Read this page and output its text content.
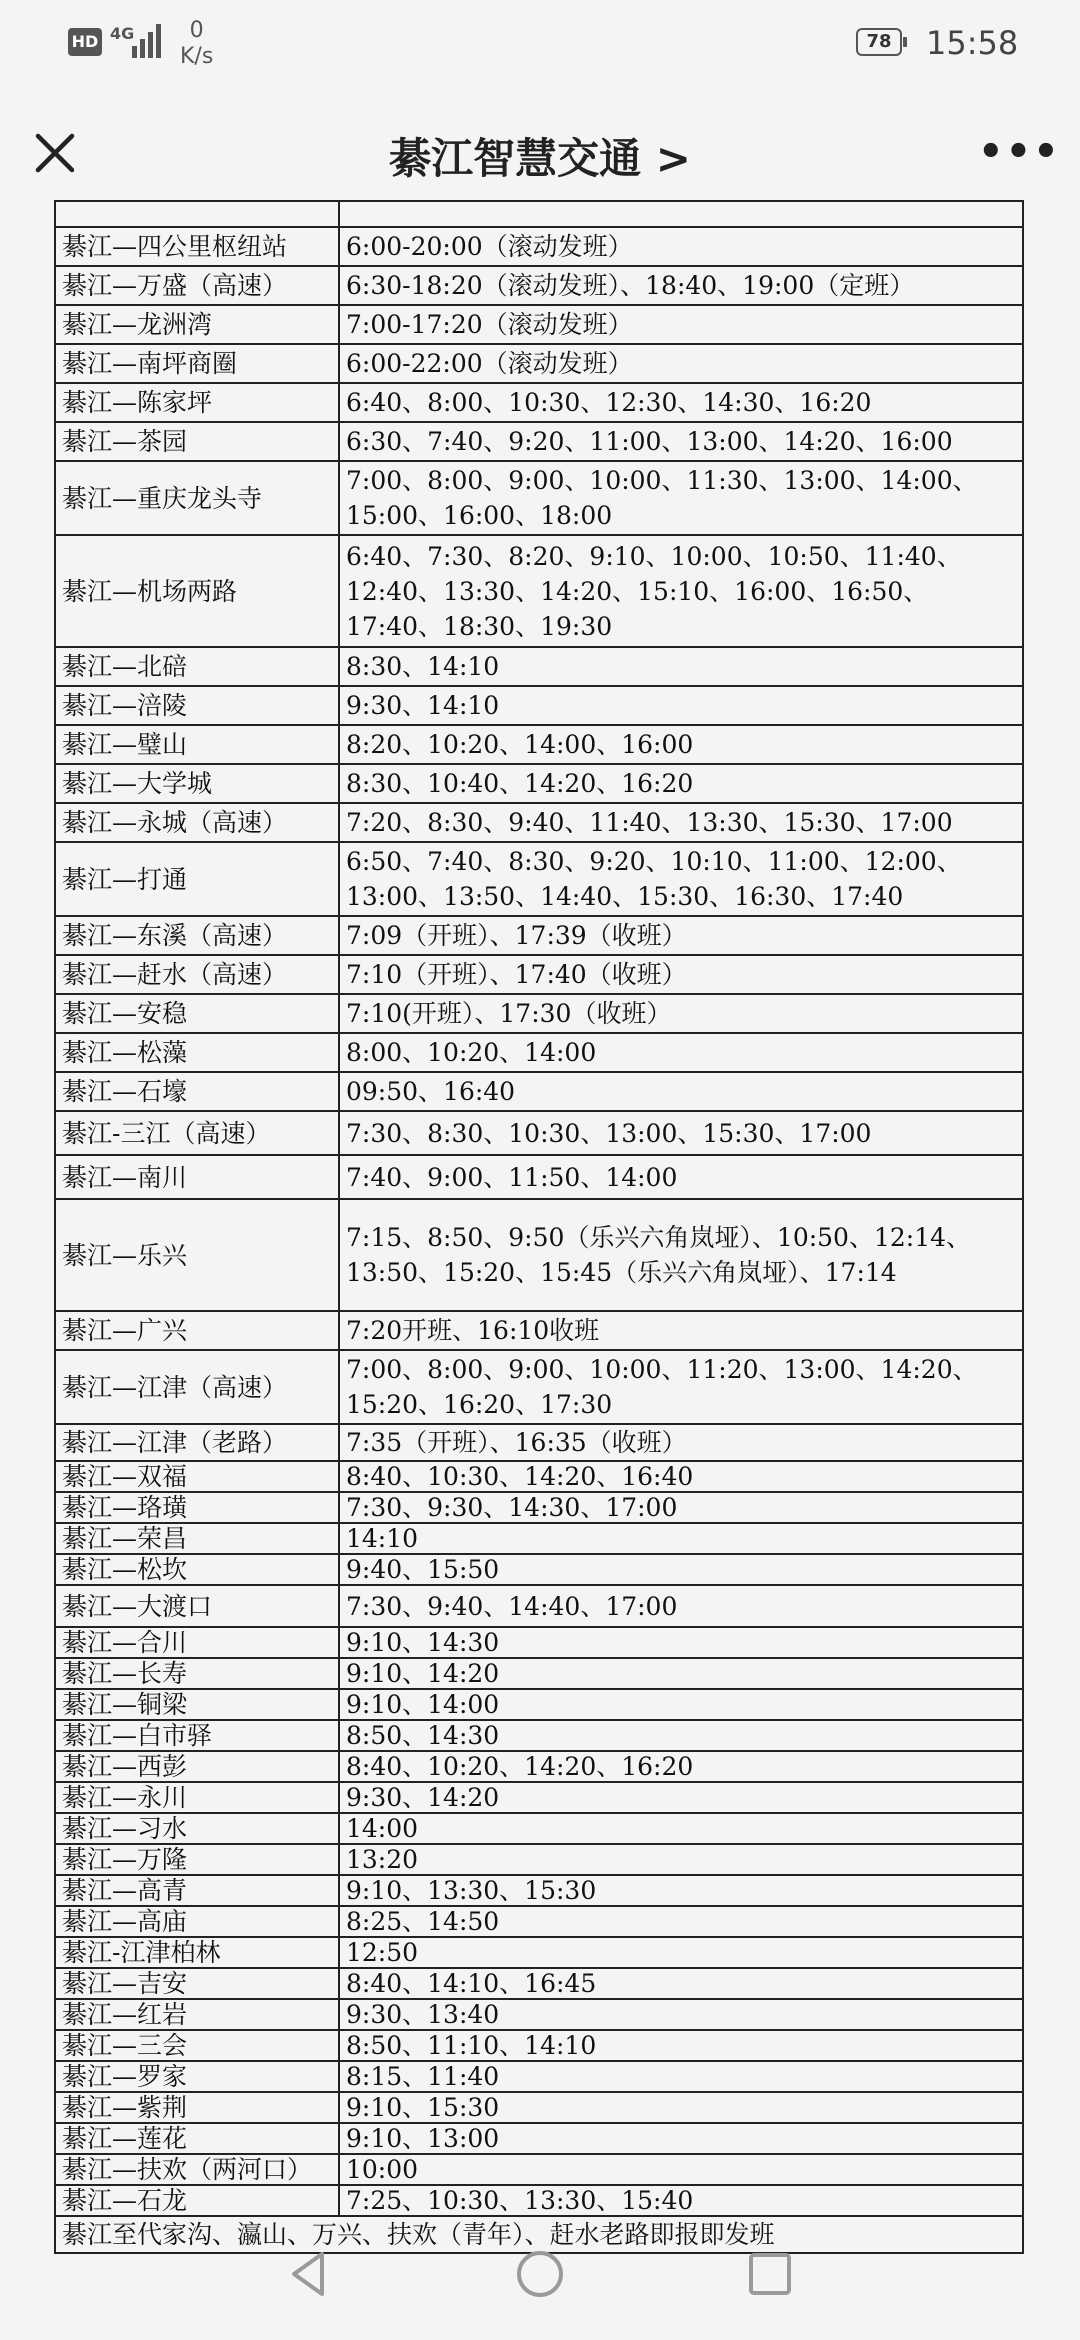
HD 4G	0
K/s
78	15:58
綦江智慧交通 >	•••

綦江—四公里枢纽站	6:00-20:00（滚动发班）
綦江—万盛（高速）	6:30-18:20（滚动发班）、18:40、19:00（定班）
綦江—龙洲湾	7:00-17:20（滚动发班）
綦江—南坪商圈	6:00-22:00（滚动发班）
綦江—陈家坪	6:40、8:00、10:30、12:30、14:30、16:20
綦江—茶园	6:30、7:40、9:20、11:00、13:00、14:20、16:00
綦江—重庆龙头寺	7:00、8:00、9:00、10:00、11:30、13:00、14:00、15:00、16:00、18:00
綦江—机场两路	6:40、7:30、8:20、9:10、10:00、10:50、11:40、12:40、13:30、14:20、15:10、16:00、16:50、17:40、18:30、19:30
綦江—北碚	8:30、14:10
綦江—涪陵	9:30、14:10
綦江—璧山	8:20、10:20、14:00、16:00
綦江—大学城	8:30、10:40、14:20、16:20
綦江—永城（高速）	7:20、8:30、9:40、11:40、13:30、15:30、17:00
綦江—打通	6:50、7:40、8:30、9:20、10:10、11:00、12:00、13:00、13:50、14:40、15:30、16:30、17:40
綦江—东溪（高速）	7:09（开班）、17:39（收班）
綦江—赶水（高速）	7:10（开班）、17:40（收班）
綦江—安稳	7:10(开班）、17:30（收班）
綦江—松藻	8:00、10:20、14:00
綦江—石壕	09:50、16:40
綦江-三江（高速）	7:30、8:30、10:30、13:00、15:30、17:00
綦江—南川	7:40、9:00、11:50、14:00
綦江—乐兴	7:15、8:50、9:50（乐兴六角岚垭）、10:50、12:14、13:50、15:20、15:45（乐兴六角岚垭）、17:14
綦江—广兴	7:20开班、16:10收班
綦江—江津（高速）	7:00、8:00、9:00、10:00、11:20、13:00、14:20、15:20、16:20、17:30
綦江—江津（老路）	7:35（开班）、16:35（收班）
綦江—双福	8:40、10:30、14:20、16:40
綦江—珞璜	7:30、9:30、14:30、17:00
綦江—荣昌	14:10
綦江—松坎	9:40、15:50
綦江—大渡口	7:30、9:40、14:40、17:00
綦江—合川	9:10、14:30
綦江—长寿	9:10、14:20
綦江—铜梁	9:10、14:00
綦江—白市驿	8:50、14:30
綦江—西彭	8:40、10:20、14:20、16:20
綦江—永川	9:30、14:20
綦江—习水	14:00
綦江—万隆	13:20
綦江—高青	9:10、13:30、15:30
綦江—高庙	8:25、14:50
綦江-江津柏林	12:50
綦江—吉安	8:40、14:10、16:45
綦江—红岩	9:30、13:40
綦江—三会	8:50、11:10、14:10
綦江—罗家	8:15、11:40
綦江—紫荆	9:10、15:30
綦江—莲花	9:10、13:00
綦江—扶欢（两河口）	10:00
綦江—石龙	7:25、10:30、13:30、15:40
綦江至代家沟、瀛山、万兴、扶欢（青年）、赶水老路即报即发班	
